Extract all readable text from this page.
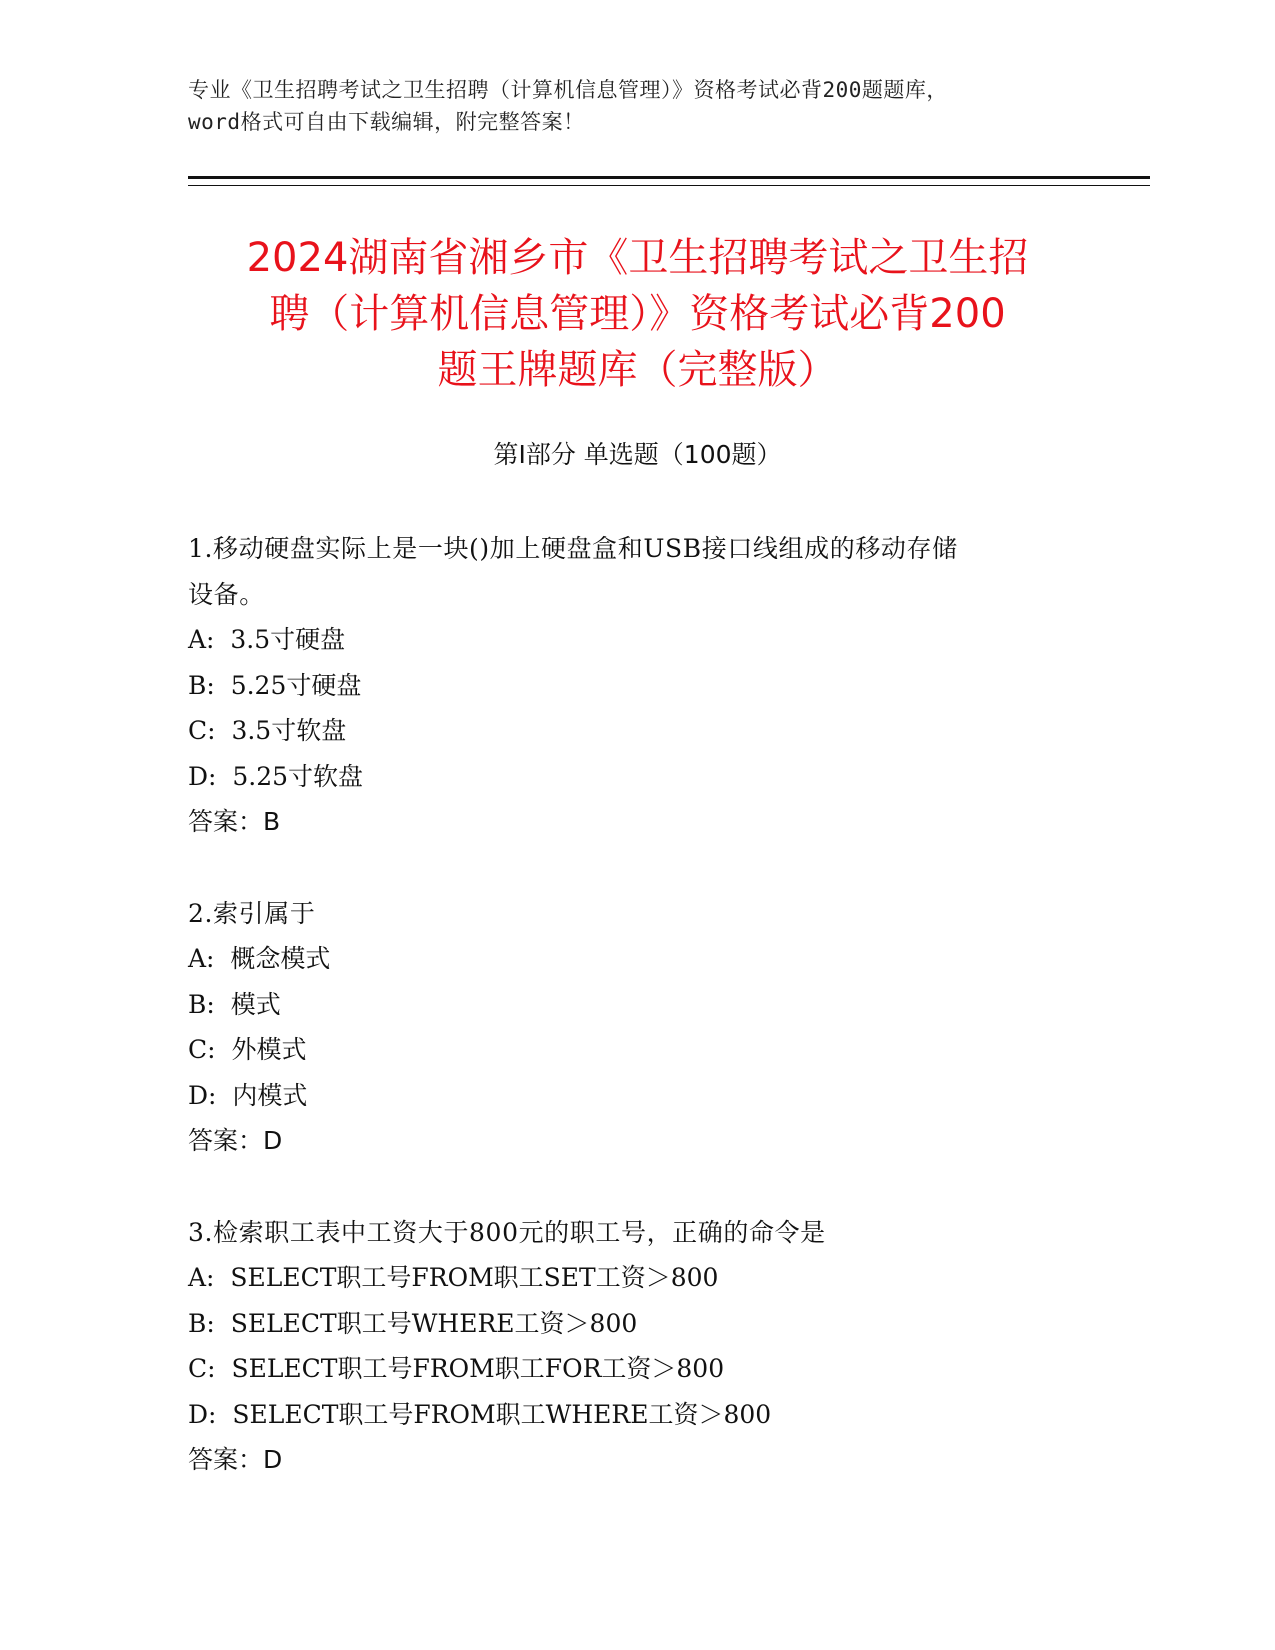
专业《卫生招聘考试之卫生招聘（计算机信息管理）》资格考试必背200题题库，
word格式可自由下载编辑，附完整答案！
2024湖南省湘乡市《卫生招聘考试之卫生招
聘（计算机信息管理）》资格考试必背200
题王牌题库（完整版）
第Ⅰ部分 单选题（100题）
1.移动硬盘实际上是一块()加上硬盘盒和USB接口线组成的移动存储
设备。
A:  3.5寸硬盘
B:  5.25寸硬盘
C:  3.5寸软盘
D:  5.25寸软盘
答案：B
2.索引属于
A:  概念模式
B:  模式
C:  外模式
D:  内模式
答案：D
3.检索职工表中工资大于800元的职工号，正确的命令是
A:  SELECT职工号FROM职工SET工资＞800
B:  SELECT职工号WHERE工资＞800
C:  SELECT职工号FROM职工FOR工资＞800
D:  SELECT职工号FROM职工WHERE工资＞800
答案：D
